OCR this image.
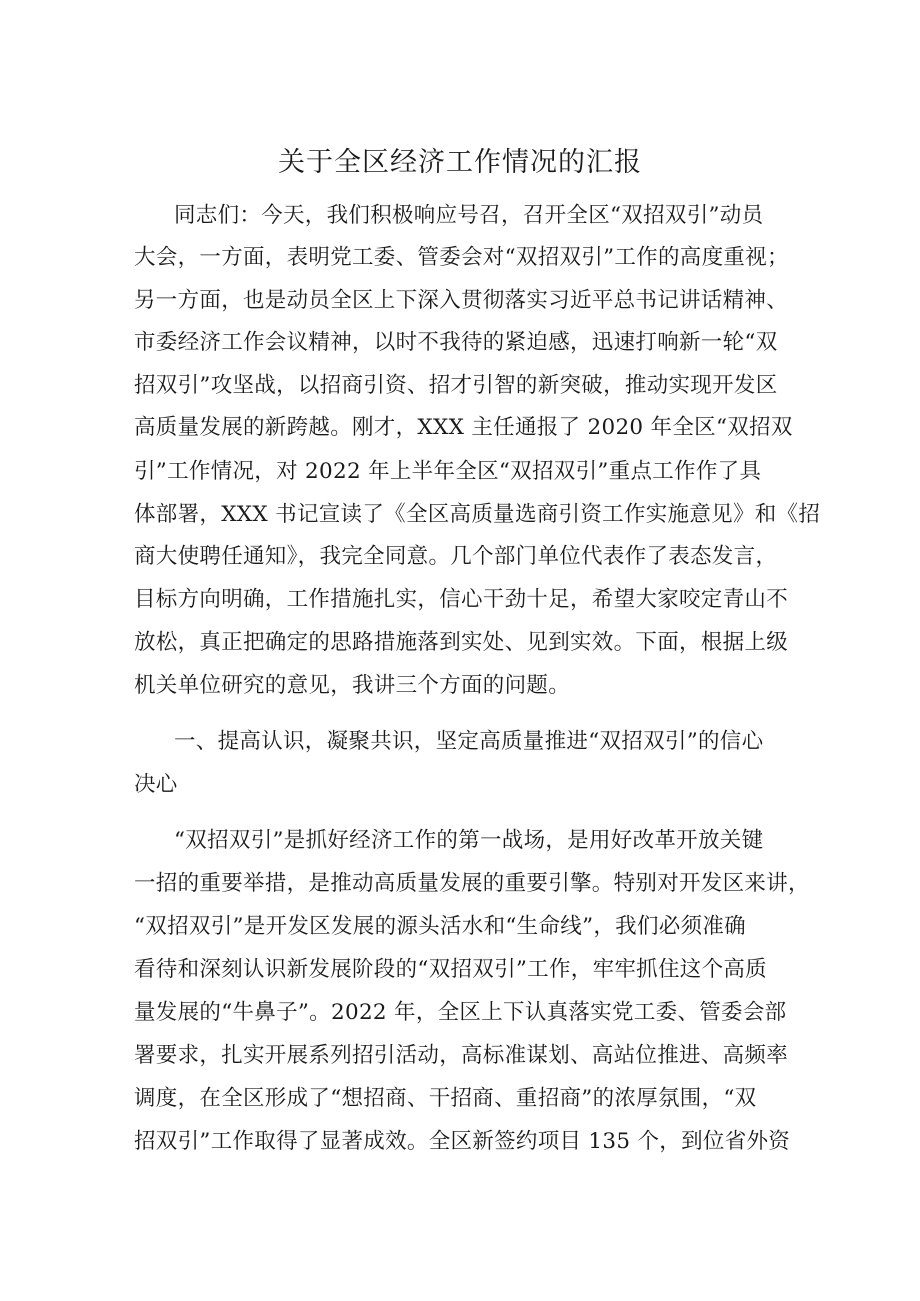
关于全区经济工作情况的汇报
同志们：今天，我们积极响应号召，召开全区“双招双引”动员
大会，一方面，表明党工委、管委会对“双招双引”工作的高度重视；
另一方面，也是动员全区上下深入贯彻落实习近平总书记讲话精神、
市委经济工作会议精神，以时不我待的紧迫感，迅速打响新一轮“双
招双引”攻坚战，以招商引资、招才引智的新突破，推动实现开发区
高质量发展的新跨越。刚才，XXX 主任通报了 2020 年全区“双招双
引”工作情况，对 2022 年上半年全区“双招双引”重点工作作了具
体部署，XXX 书记宣读了《全区高质量选商引资工作实施意见》和《招
商大使聘任通知》，我完全同意。几个部门单位代表作了表态发言，
目标方向明确，工作措施扎实，信心干劲十足，希望大家咬定青山不
放松，真正把确定的思路措施落到实处、见到实效。下面，根据上级
机关单位研究的意见，我讲三个方面的问题。
一、提高认识，凝聚共识，坚定高质量推进“双招双引”的信心
决心
“双招双引”是抓好经济工作的第一战场，是用好改革开放关键
一招的重要举措，是推动高质量发展的重要引擎。特别对开发区来讲，
“双招双引”是开发区发展的源头活水和“生命线”，我们必须准确
看待和深刻认识新发展阶段的“双招双引”工作，牢牢抓住这个高质
量发展的“牛鼻子”。2022 年，全区上下认真落实党工委、管委会部
署要求，扎实开展系列招引活动，高标准谋划、高站位推进、高频率
调度，在全区形成了“想招商、干招商、重招商”的浓厚氛围，“双
招双引”工作取得了显著成效。全区新签约项目 135 个，到位省外资
